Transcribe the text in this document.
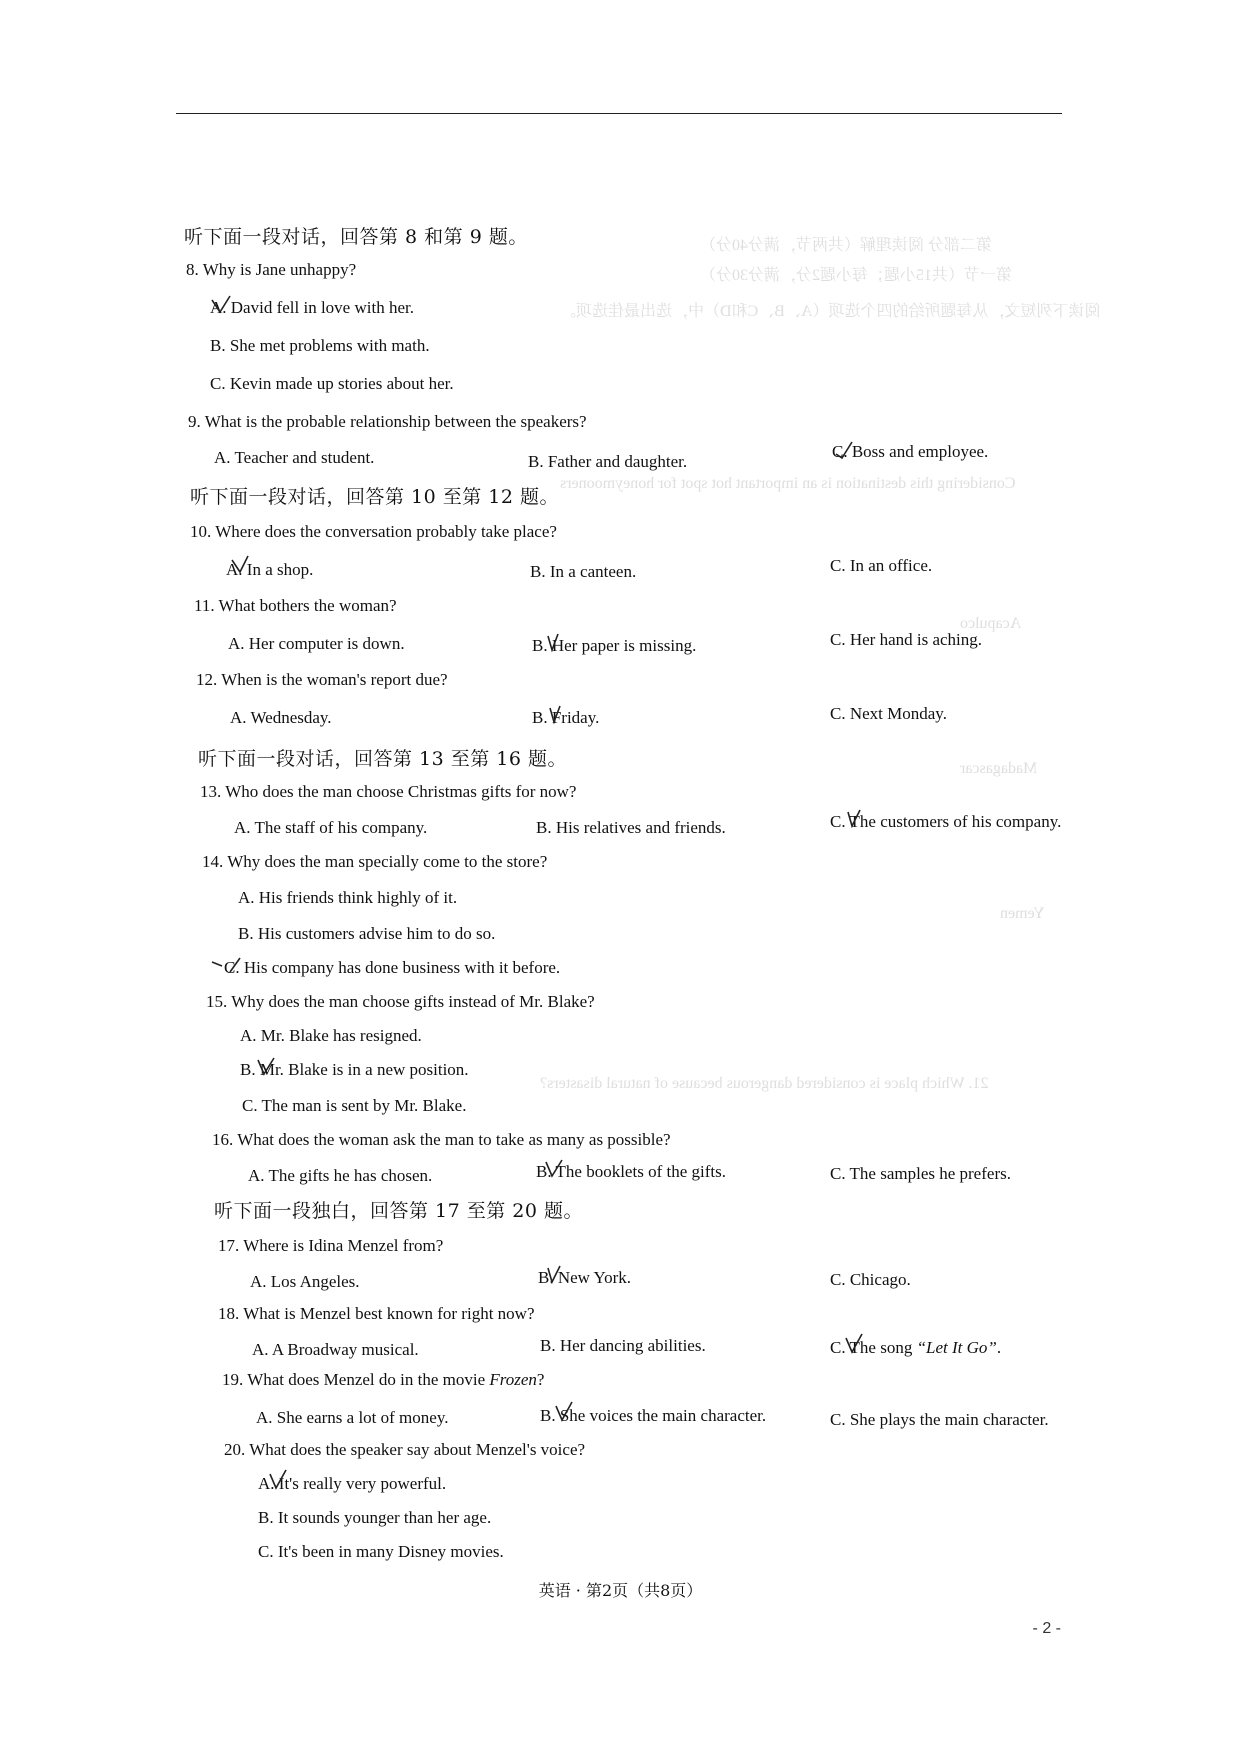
第二部分 阅读理解（共两节，满分40分）
第一节（共15小题；每小题2分，满分30分）
阅读下列短文，从每题所给的四个选项（A、B、C和D）中，选出最佳选项。
Considering this destination is an important hot spot for honeymooners
Acapulco
Madagascar
Yemen
21. Which place is considered dangerous because of natural disasters?
听下面一段对话，回答第 8 和第 9 题。
8. Why is Jane unhappy?
A. David fell in love with her.
B. She met problems with math.
C. Kevin made up stories about her.
9. What is the probable relationship between the speakers?
A. Teacher and student.	B. Father and daughter.
C. Boss and employee.
听下面一段对话，回答第 10 至第 12 题。
10. Where does the conversation probably take place?
A. In a shop.	B. In a canteen.	C. In an office.
11. What bothers the woman?
A. Her computer is down.	B. Her paper is missing.	C. Her hand is aching.
12. When is the woman's report due?
A. Wednesday.	B. Friday.	C. Next Monday.
听下面一段对话，回答第 13 至第 16 题。
13. Who does the man choose Christmas gifts for now?
A. The staff of his company.	B. His relatives and friends.	C. The customers of his company.
14. Why does the man specially come to the store?
A. His friends think highly of it.
B. His customers advise him to do so.
C. His company has done business with it before.
15. Why does the man choose gifts instead of Mr. Blake?
A. Mr. Blake has resigned.
B. Mr. Blake is in a new position.
C. The man is sent by Mr. Blake.
16. What does the woman ask the man to take as many as possible?
A. The gifts he has chosen.	B. The booklets of the gifts.	C. The samples he prefers.
听下面一段独白，回答第 17 至第 20 题。
17. Where is Idina Menzel from?
A. Los Angeles.	B. New York.	C. Chicago.
18. What is Menzel best known for right now?
A. A Broadway musical.	B. Her dancing abilities.	C. The song “Let It Go”.
19. What does Menzel do in the movie Frozen?
A. She earns a lot of money.	B. She voices the main character.	C. She plays the main character.
20. What does the speaker say about Menzel's voice?
A. It's really very powerful.
B. It sounds younger than her age.
C. It's been in many Disney movies.
英语 · 第2页（共8页）
- 2 -
